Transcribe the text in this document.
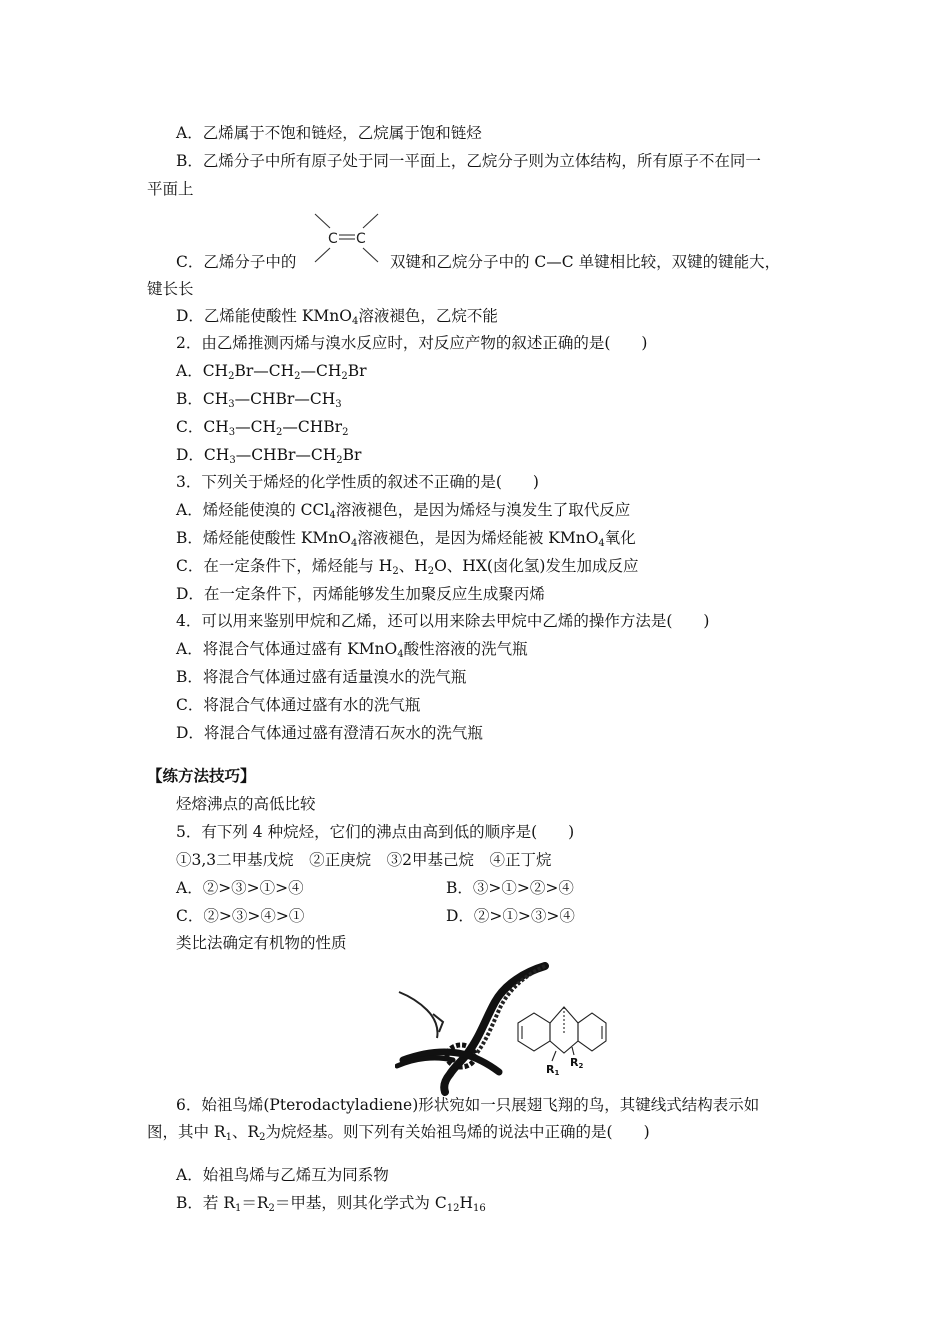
A．乙烯属于不饱和链烃，乙烷属于饱和链烃
B．乙烯分子中所有原子处于同一平面上，乙烷分子则为立体结构，所有原子不在同一
平面上
C C
C．乙烯分子中的	双键和乙烷分子中的 C—C 单键相比较，双键的键能大，
键长长
D．乙烯能使酸性 KMnO$_4$溶液褪色，乙烷不能
2．由乙烯推测丙烯与溴水反应时，对反应产物的叙述正确的是(　　)
A．$CH_2Br—CH_2—CH_2Br$
B．$CH_3—CHBr—CH_3$
C．$CH_3—CH_2—CHBr_2$
D．$CH_3—CHBr—CH_2Br$
3．下列关于烯烃的化学性质的叙述不正确的是(　　)
A．烯烃能使溴的 CCl$_4$溶液褪色，是因为烯烃与溴发生了取代反应
B．烯烃能使酸性 KMnO$_4$溶液褪色，是因为烯烃能被 KMnO$_4$氧化
C．在一定条件下，烯烃能与 $H_2$、$H_2O$、HX(卤化氢)发生加成反应
D．在一定条件下，丙烯能够发生加聚反应生成聚丙烯
4．可以用来鉴别甲烷和乙烯，还可以用来除去甲烷中乙烯的操作方法是(　　)
A．将混合气体通过盛有 KMnO$_4$酸性溶液的洗气瓶
B．将混合气体通过盛有适量溴水的洗气瓶
C．将混合气体通过盛有水的洗气瓶
D．将混合气体通过盛有澄清石灰水的洗气瓶
【练方法技巧】
烃熔沸点的高低比较
5．有下列 4 种烷烃，它们的沸点由高到低的顺序是(　　)
①3,3二甲基戊烷　②正庚烷　③2甲基己烷　④正丁烷
A．②>③>①>④	B．③>①>②>④
C．②>③>④>①	D．②>①>③>④
类比法确定有机物的性质
R1
R2
6．始祖鸟烯(Pterodactyladiene)形状宛如一只展翅飞翔的鸟，其键线式结构表示如
图，其中 $R_1$、$R_2$为烷烃基。则下列有关始祖鸟烯的说法中正确的是(　　)
A．始祖鸟烯与乙烯互为同系物
B．若 $R_1=R_2=$甲基，则其化学式为 $C_{12}H_{16}$
